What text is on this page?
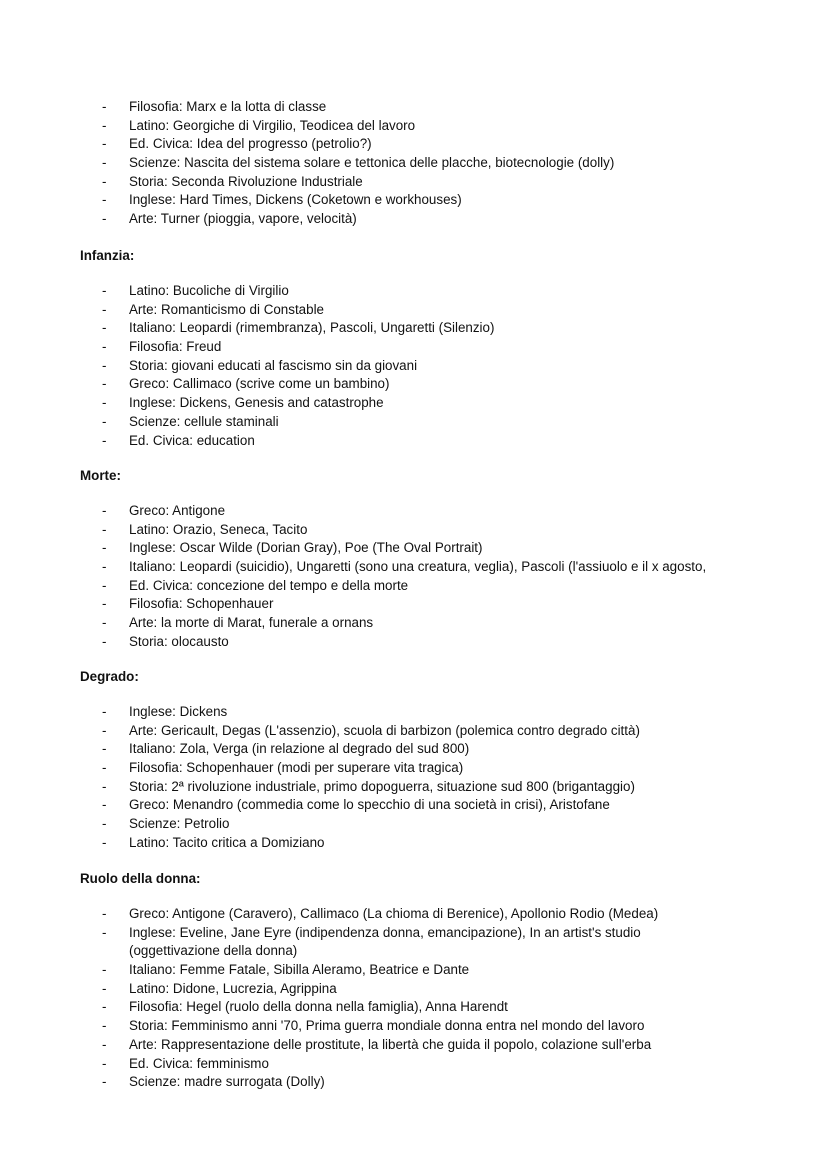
-	Filosofia: Marx e la lotta di classe
-	Latino: Georgiche di Virgilio, Teodicea del lavoro
-	Ed. Civica: Idea del progresso (petrolio?)
-	Scienze: Nascita del sistema solare e tettonica delle placche, biotecnologie (dolly)
-	Storia: Seconda Rivoluzione Industriale
-	Inglese: Hard Times, Dickens (Coketown e workhouses)
-	Arte: Turner (pioggia, vapore, velocità)
Infanzia:
-	Latino: Bucoliche di Virgilio
-	Arte: Romanticismo di Constable
-	Italiano: Leopardi (rimembranza), Pascoli, Ungaretti (Silenzio)
-	Filosofia: Freud
-	Storia: giovani educati al fascismo sin da giovani
-	Greco: Callimaco (scrive come un bambino)
-	Inglese: Dickens, Genesis and catastrophe
-	Scienze: cellule staminali
-	Ed. Civica: education
Morte:
-	Greco: Antigone
-	Latino: Orazio, Seneca, Tacito
-	Inglese: Oscar Wilde (Dorian Gray), Poe (The Oval Portrait)
-	Italiano: Leopardi (suicidio), Ungaretti (sono una creatura, veglia), Pascoli (l'assiuolo e il x agosto,
-	Ed. Civica: concezione del tempo e della morte
-	Filosofia: Schopenhauer
-	Arte: la morte di Marat, funerale a ornans
-	Storia: olocausto
Degrado:
-	Inglese: Dickens
-	Arte: Gericault, Degas (L'assenzio), scuola di barbizon (polemica contro degrado città)
-	Italiano: Zola, Verga (in relazione al degrado del sud 800)
-	Filosofia: Schopenhauer (modi per superare vita tragica)
-	Storia: 2ª rivoluzione industriale, primo dopoguerra, situazione sud 800 (brigantaggio)
-	Greco: Menandro (commedia come lo specchio di una società in crisi), Aristofane
-	Scienze: Petrolio
-	Latino: Tacito critica a Domiziano
Ruolo della donna:
-	Greco: Antigone (Caravero), Callimaco (La chioma di Berenice), Apollonio Rodio (Medea)
-	Inglese: Eveline, Jane Eyre (indipendenza donna, emancipazione), In an artist's studio (oggettivazione della donna)
-	Italiano: Femme Fatale, Sibilla Aleramo, Beatrice e Dante
-	Latino: Didone, Lucrezia, Agrippina
-	Filosofia: Hegel (ruolo della donna nella famiglia), Anna Harendt
-	Storia: Femminismo anni '70, Prima guerra mondiale donna entra nel mondo del lavoro
-	Arte: Rappresentazione delle prostitute, la libertà che guida il popolo, colazione sull'erba
-	Ed. Civica: femminismo
-	Scienze: madre surrogata (Dolly)
